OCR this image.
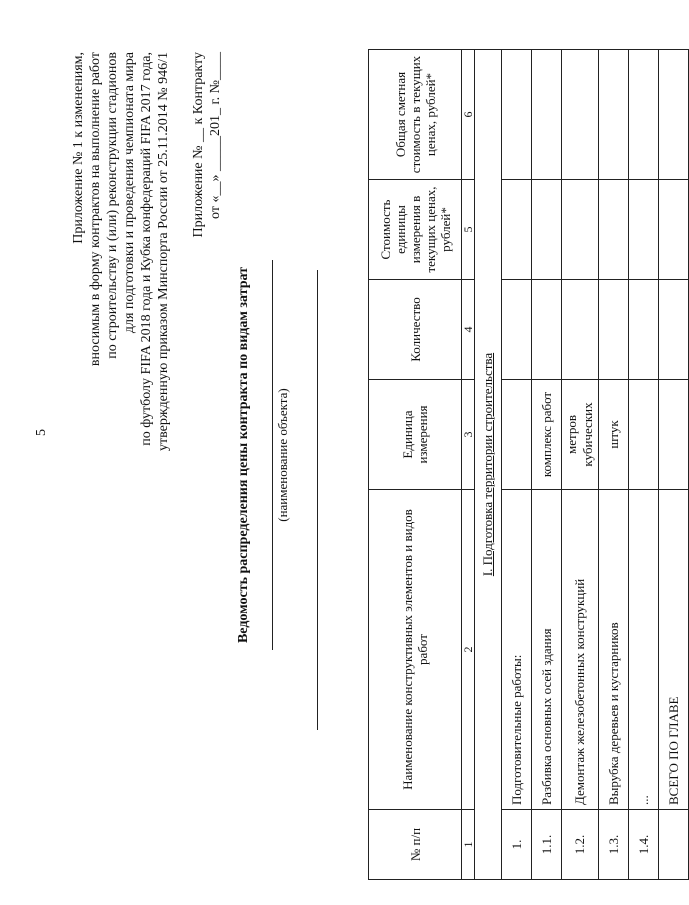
5
Приложение № 1 к изменениям, вносимым в форму контрактов на выполнение работ по строительству и (или) реконструкции стадионов для подготовки и проведения чемпионата мира по футболу FIFA 2018 года и Кубка конфедераций FIFA 2017 года, утвержденную приказом Минспорта России от 25.11.2014 № 946/1 Приложение № __ к Контракту от «__» _____201_ г. №____
Ведомость распределения цены контракта по видам затрат (наименование объекта)
№ п/п	Наименование конструктивных элементов и видов работ	Единица измерения	Количество	Стоимость единицы измерения в текущих ценах, рублей*	Общая сметная стоимость в текущих ценах, рублей*
1	2	3	4	5	6
I. Подготовка территории строительства					
1.	Подготовительные работы:				
1.1.	Разбивка основных осей здания	комплекс работ			
1.2.	Демонтаж железобетонных конструкций	метров кубических			
1.3.	Вырубка деревьев и кустарников	штук			
1.4.	...				
	ВСЕГО ПО ГЛАВЕ				
